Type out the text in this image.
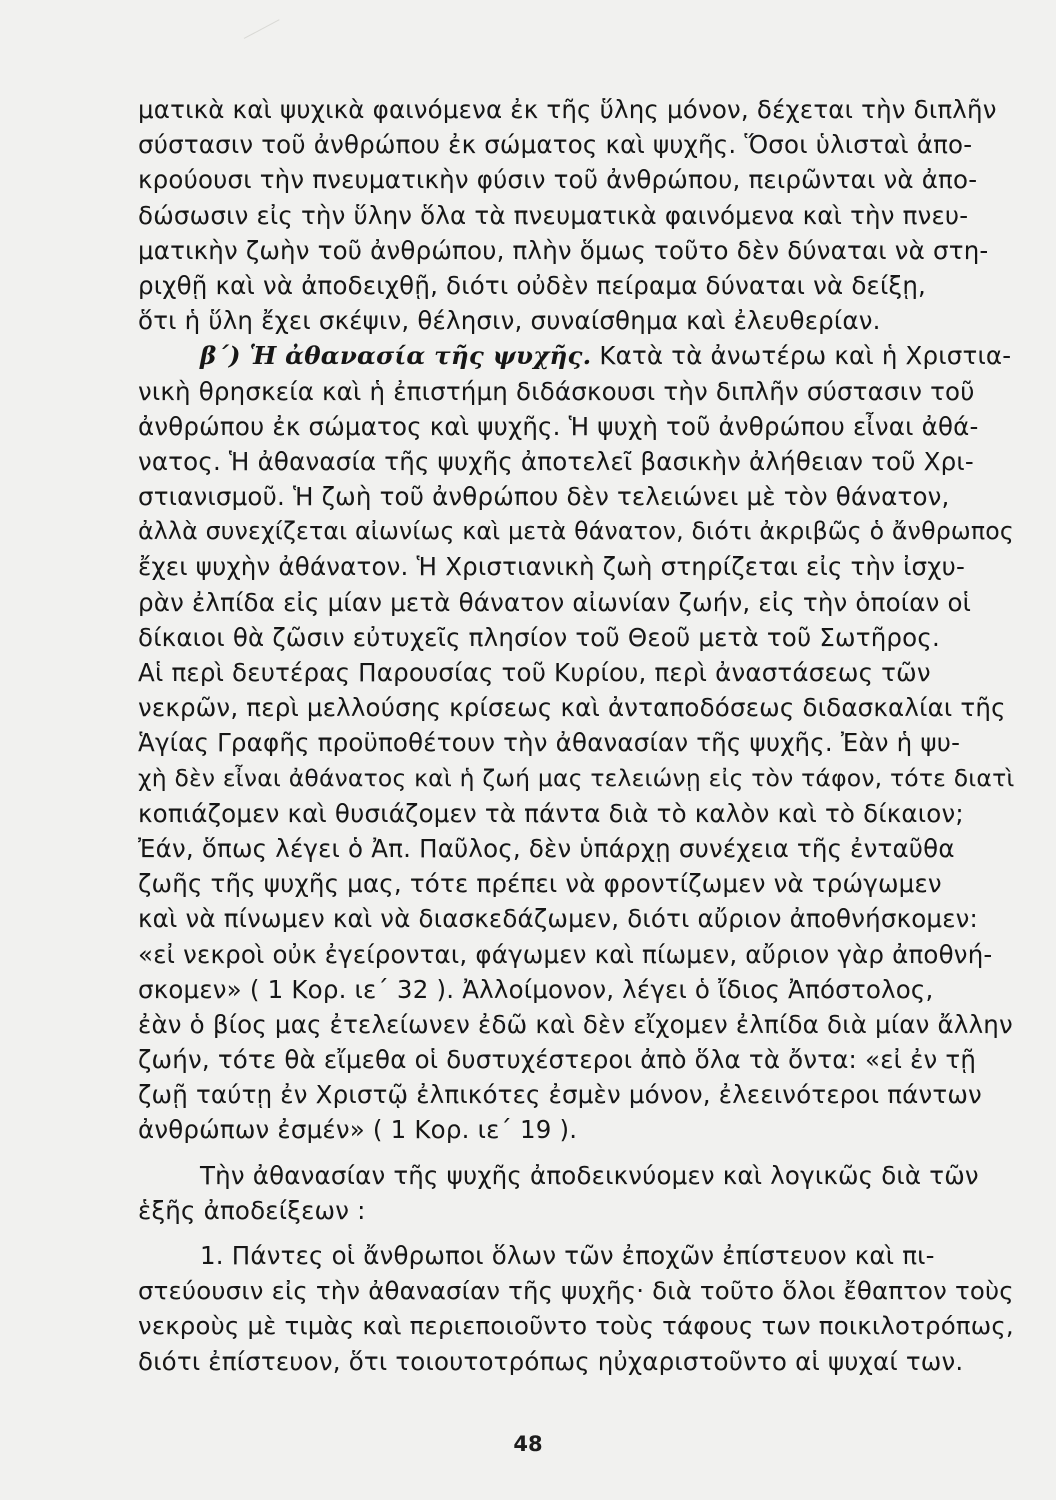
ματικὰ καὶ ψυχικὰ φαινόμενα ἐκ τῆς ὕλης μόνον, δέχεται τὴν διπλῆν
σύστασιν τοῦ ἀνθρώπου ἐκ σώματος καὶ ψυχῆς. Ὅσοι ὑλισταὶ ἀπο-
κρούουσι τὴν πνευματικὴν φύσιν τοῦ ἀνθρώπου, πειρῶνται νὰ ἀπο-
δώσωσιν εἰς τὴν ὕλην ὅλα τὰ πνευματικὰ φαινόμενα καὶ τὴν πνευ-
ματικὴν ζωὴν τοῦ ἀνθρώπου, πλὴν ὅμως τοῦτο δὲν δύναται νὰ στη-
ριχθῇ καὶ νὰ ἀποδειχθῇ, διότι οὐδὲν πείραμα δύναται νὰ δείξῃ,
ὅτι ἡ ὕλη ἔχει σκέψιν, θέλησιν, συναίσθημα καὶ ἐλευθερίαν.
β΄) Ἡ ἀθανασία τῆς ψυχῆς. Κατὰ τὰ ἀνωτέρω καὶ ἡ Χριστια-
νικὴ θρησκεία καὶ ἡ ἐπιστήμη διδάσκουσι τὴν διπλῆν σύστασιν τοῦ
ἀνθρώπου ἐκ σώματος καὶ ψυχῆς. Ἡ ψυχὴ τοῦ ἀνθρώπου εἶναι ἀθά-
νατος. Ἡ ἀθανασία τῆς ψυχῆς ἀποτελεῖ βασικὴν ἀλήθειαν τοῦ Χρι-
στιανισμοῦ. Ἡ ζωὴ τοῦ ἀνθρώπου δὲν τελειώνει μὲ τὸν θάνατον,
ἀλλὰ συνεχίζεται αἰωνίως καὶ μετὰ θάνατον, διότι ἀκριβῶς ὁ ἄνθρωπος
ἔχει ψυχὴν ἀθάνατον. Ἡ Χριστιανικὴ ζωὴ στηρίζεται εἰς τὴν ἰσχυ-
ρὰν ἐλπίδα εἰς μίαν μετὰ θάνατον αἰωνίαν ζωήν, εἰς τὴν ὁποίαν οἱ
δίκαιοι θὰ ζῶσιν εὐτυχεῖς πλησίον τοῦ Θεοῦ μετὰ τοῦ Σωτῆρος.
Αἱ περὶ δευτέρας Παρουσίας τοῦ Κυρίου, περὶ ἀναστάσεως τῶν
νεκρῶν, περὶ μελλούσης κρίσεως καὶ ἀνταποδόσεως διδασκαλίαι τῆς
Ἁγίας Γραφῆς προϋποθέτουν τὴν ἀθανασίαν τῆς ψυχῆς. Ἐὰν ἡ ψυ-
χὴ δὲν εἶναι ἀθάνατος καὶ ἡ ζωή μας τελειώνῃ εἰς τὸν τάφον, τότε διατὶ
κοπιάζομεν καὶ θυσιάζομεν τὰ πάντα διὰ τὸ καλὸν καὶ τὸ δίκαιον;
Ἐάν, ὅπως λέγει ὁ Ἀπ. Παῦλος, δὲν ὑπάρχῃ συνέχεια τῆς ἐνταῦθα
ζωῆς τῆς ψυχῆς μας, τότε πρέπει νὰ φροντίζωμεν νὰ τρώγωμεν
καὶ νὰ πίνωμεν καὶ νὰ διασκεδάζωμεν, διότι αὔριον ἀποθνήσκομεν:
«εἰ νεκροὶ οὐκ ἐγείρονται, φάγωμεν καὶ πίωμεν, αὔριον γὰρ ἀποθνή-
σκομεν» ( 1 Κορ. ιε΄ 32 ). Ἀλλοίμονον, λέγει ὁ ἴδιος Ἀπόστολος,
ἐὰν ὁ βίος μας ἐτελείωνεν ἐδῶ καὶ δὲν εἴχομεν ἐλπίδα διὰ μίαν ἄλλην
ζωήν, τότε θὰ εἴμεθα οἱ δυστυχέστεροι ἀπὸ ὅλα τὰ ὄντα: «εἰ ἐν τῇ
ζωῇ ταύτῃ ἐν Χριστῷ ἐλπικότες ἐσμὲν μόνον, ἐλεεινότεροι πάντων
ἀνθρώπων ἐσμέν» ( 1 Κορ. ιε΄ 19 ).
Τὴν ἀθανασίαν τῆς ψυχῆς ἀποδεικνύομεν καὶ λογικῶς διὰ τῶν
ἑξῆς ἀποδείξεων :
1. Πάντες οἱ ἄνθρωποι ὅλων τῶν ἐποχῶν ἐπίστευον καὶ πι-
στεύουσιν εἰς τὴν ἀθανασίαν τῆς ψυχῆς· διὰ τοῦτο ὅλοι ἔθαπτον τοὺς
νεκροὺς μὲ τιμὰς καὶ περιεποιοῦντο τοὺς τάφους των ποικιλοτρόπως,
διότι ἐπίστευον, ὅτι τοιουτοτρόπως ηὐχαριστοῦντο αἱ ψυχαί των.
48
